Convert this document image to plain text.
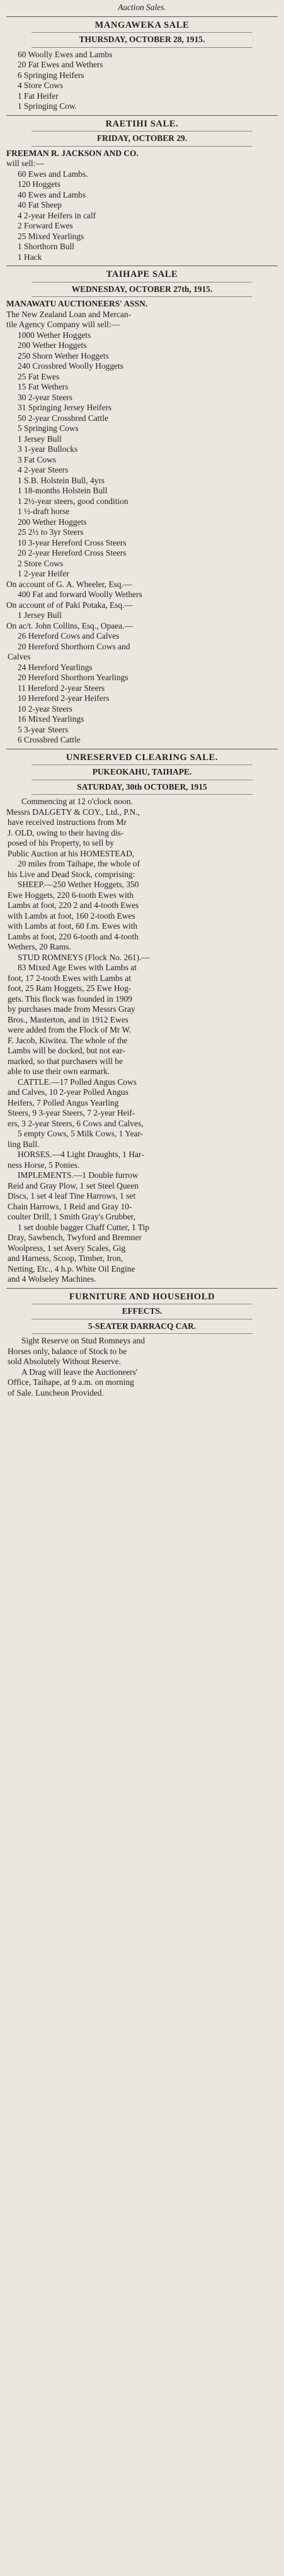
Auction Sales.
MANGAWEKA SALE
THURSDAY, OCTOBER 28, 1915.
60 Woolly Ewes and Lambs
20 Fat Ewes and Wethers
6 Springing Heifers
4 Store Cows
1 Fat Heifer
1 Springing Cow.
RAETIHI SALE.
FRIDAY, OCTOBER 29.
FREEMAN R. JACKSON AND CO.
will sell:—
60 Ewes and Lambs.
120 Hoggets
40 Ewes and Lambs
40 Fat Sheep
4 2-year Heifers in calf
2 Forward Ewes
25 Mixed Yearlings
1 Shorthorn Bull
1 Hack
TAIHAPE SALE
WEDNESDAY, OCTOBER 27th, 1915.
MANAWATU AUCTIONEERS' ASSN.
The New Zealand Loan and Mercan-
tile Agency Company will sell:—
1000 Wether Hoggets
200 Wether Hoggets
250 Shorn Wether Hoggets
240 Crossbred Woolly Hoggets
25 Fat Ewes
15 Fat Wethers
30 2-year Steers
31 Springing Jersey Heifers
50 2-year Crossbred Cattle
5 Springing Cows
1 Jersey Bull
3 1-year Bullocks
3 Fat Cows
4 2-year Steers
1 S.B. Holstein Bull, 4yrs
1 18-months Holstein Bull
1 2½-year steers, good condition
1 ½-draft horse
200 Wether Hoggets
25 2½ to 3yr Steers
10 3-year Hereford Cross Steers
20 2-year Hereford Cross Steers
2 Store Cows
1 2-year Heifer
On account of G. A. Wheeler, Esq.—
400 Fat and forward Woolly Wethers
On account of of Paki Potaka, Esq.—
1 Jersey Bull
On ac/t. John Collins, Esq., Opaea.—
26 Hereford Cows and Calves
20 Hereford Shorthorn Cows and
Calves
24 Hereford Yearlings
20 Hereford Shorthorn Yearlings
11 Hereford 2-year Steers
10 Hereford 2-year Heifers
10 2-year Steers
16 Mixed Yearlings
5 3-year Steers
6 Crossbred Cattle
UNRESERVED CLEARING SALE.
PUKEOKAHU, TAIHAPE.
SATURDAY, 30th OCTOBER, 1915
Commencing at 12 o'clock noon.
Messrs DALGETY & COY., Ltd., P.N.,
have received instructions from Mr
J. OLD, owing to their having dis-
posed of his Property, to sell by
Public Auction at his HOMESTEAD,
20 miles from Taihape, the whole of
his Live and Dead Stock, comprising:
SHEEP.—250 Wether Hoggets, 350
Ewe Hoggets, 220 6-tooth Ewes with
Lambs at foot, 220 2 and 4-tooth Ewes
with Lambs at foot, 160 2-tooth Ewes
with Lambs at foot, 60 f.m. Ewes with
Lambs at foot, 220 6-tooth and 4-tooth
Wethers, 20 Rams.
STUD ROMNEYS (Flock No. 261).—
83 Mixed Age Ewes with Lambs at
foot, 17 2-tooth Ewes with Lambs at
foot, 25 Ram Hoggets, 25 Ewe Hog-
gets. This flock was founded in 1909
by purchases made from Messrs Gray
Bros., Masterton, and in 1912 Ewes
were added from the Flock of Mr W.
F. Jacob, Kiwitea. The whole of the
Lambs will be docked, but not ear-
marked, so that purchasers will be
able to use their own earmark.
CATTLE.—17 Polled Angus Cows
and Calves, 10 2-year Polled Angus
Heifers, 7 Polled Angus Yearling
Steers, 9 3-year Steers, 7 2-year Heif-
ers, 3 2-year Steers, 6 Cows and Calves,
5 empty Cows, 5 Milk Cows, 1 Year-
ling Bull.
HORSES.—4 Light Draughts, 1 Har-
ness Horse, 5 Ponies.
IMPLEMENTS.—1 Double furrow
Reid and Gray Plow, 1 set Steel Queen
Discs, 1 set 4 leaf Tine Harrows, 1 set
Chain Harrows, 1 Reid and Gray 10-
coulter Drill, 1 Smith Gray's Grubber,
1 set double bagger Chaff Cutter, 1 Tip
Dray, Sawbench, Twyford and Bremner
Woolpress, 1 set Avery Scales, Gig
and Harness, Scoop, Timber, Iron,
Netting, Etc., 4 h.p. White Oil Engine
and 4 Wolseley Machines.
FURNITURE AND HOUSEHOLD
EFFECTS.
5-SEATER DARRACQ CAR.
Sight Reserve on Stud Romneys and
Horses only, balance of Stock to be
sold Absolutely Without Reserve.
A Drag will leave the Auctioneers'
Office, Taihape, at 9 a.m. on morning
of Sale. Luncheon Provided.
